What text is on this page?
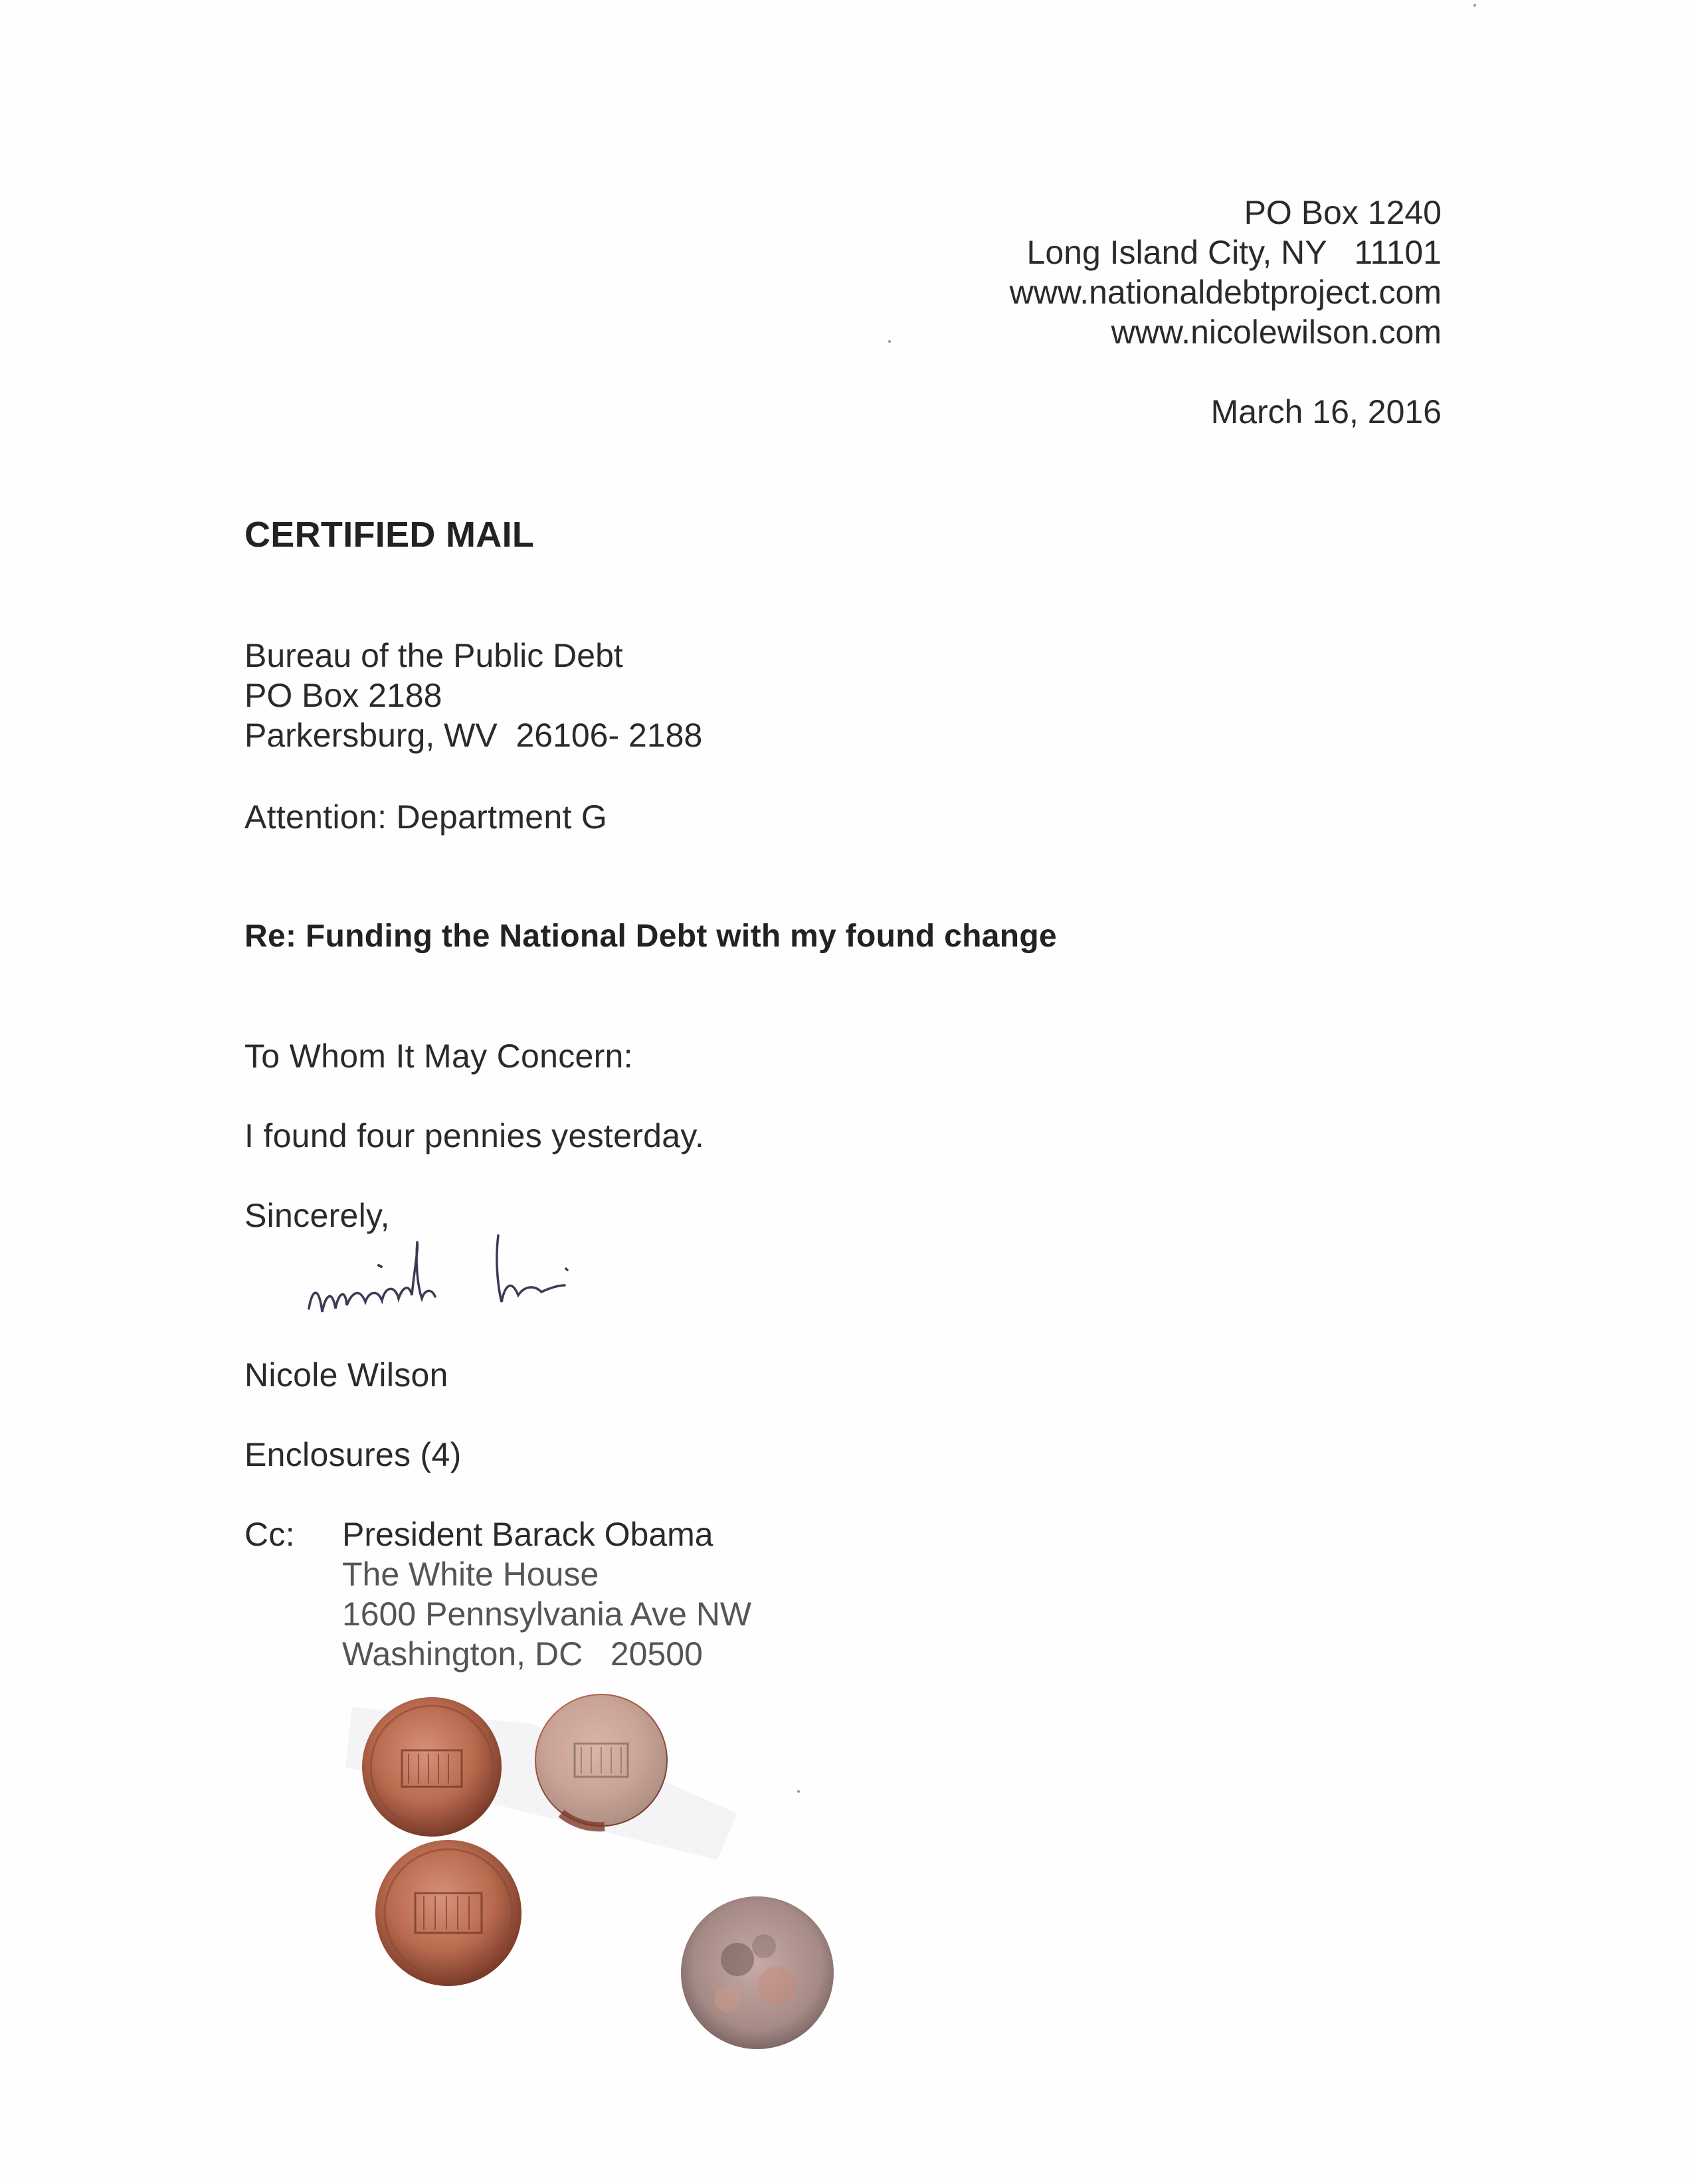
PO Box 1240
Long Island City, NY   11101
www.nationaldebtproject.com
www.nicolewilson.com
March 16, 2016
CERTIFIED MAIL
Bureau of the Public Debt
PO Box 2188
Parkersburg, WV  26106- 2188
Attention: Department G
Re: Funding the National Debt with my found change
To Whom It May Concern:
I found four pennies yesterday.
Sincerely,
Nicole Wilson
Enclosures (4)
Cc: President Barack Obama
The White House
1600 Pennsylvania Ave NW
Washington, DC   20500
